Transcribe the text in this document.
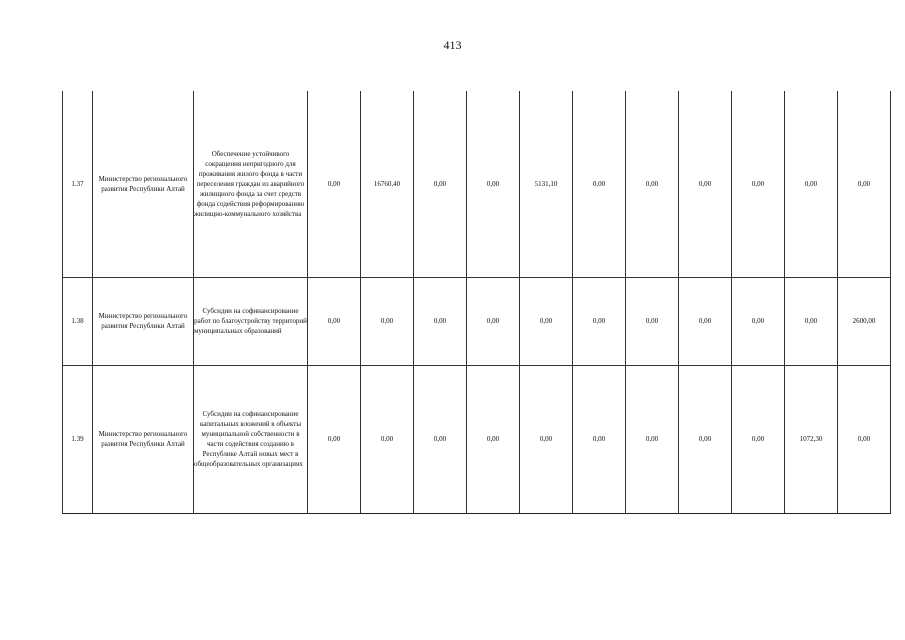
413
1.37	Министерство регионального развития Республики Алтай	Обеспечение устойчивого сокращения непригодного для проживания жилого фонда в части переселения граждан из аварийного жилищного фонда за счет средств фонда содействия реформированию жилищно-коммунального хозяйства	0,00	16760,40	0,00	0,00	5131,10	0,00	0,00	0,00	0,00	0,00	0,00
1.38	Министерство регионального развития Республики Алтай	Субсидии на софинансирование работ по благоустройству территорий муниципальных образований	0,00	0,00	0,00	0,00	0,00	0,00	0,00	0,00	0,00	0,00	2600,00
1.39	Министерство регионального развития Республики Алтай	Субсидии на софинансирование капитальных вложений в объекты муниципальной собственности в части содействия созданию в Республике Алтай новых мест в общеобразовательных организациях	0,00	0,00	0,00	0,00	0,00	0,00	0,00	0,00	0,00	1072,30	0,00
